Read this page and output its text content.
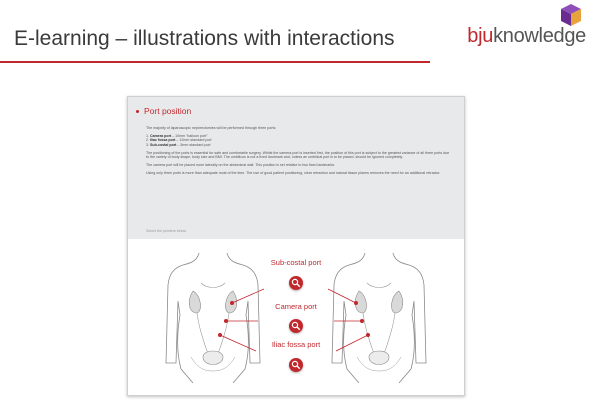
E-learning – illustrations with interactions	bjuknowledge
Port position

The majority of laparoscopic nephrectomies will be performed through three ports:

1. Camera port – 10mm "balloon port"
2. Iliac fossa port – 12mm standard port
3. Sub-costal port – 5mm standard port

The positioning of the ports is essential for safe and comfortable surgery. Whilst the camera port is inserted first, the position of this port is subject to the greatest variance of all three ports due to the variety of body shape, body size and BMI. The umbilicus is not a fixed landmark and, unless an umbilical port is to be placed, should be ignored completely.

The camera port will be placed more laterally on the abdominal wall. This position is set relative to two fixed landmarks.

Using only three ports is more than adequate most of the time. The use of good patient positioning, clear retraction and natural tissue planes removes the need for an additional retractor.

Select the pointers below
Sub-costal port
Camera port
Iliac fossa port
